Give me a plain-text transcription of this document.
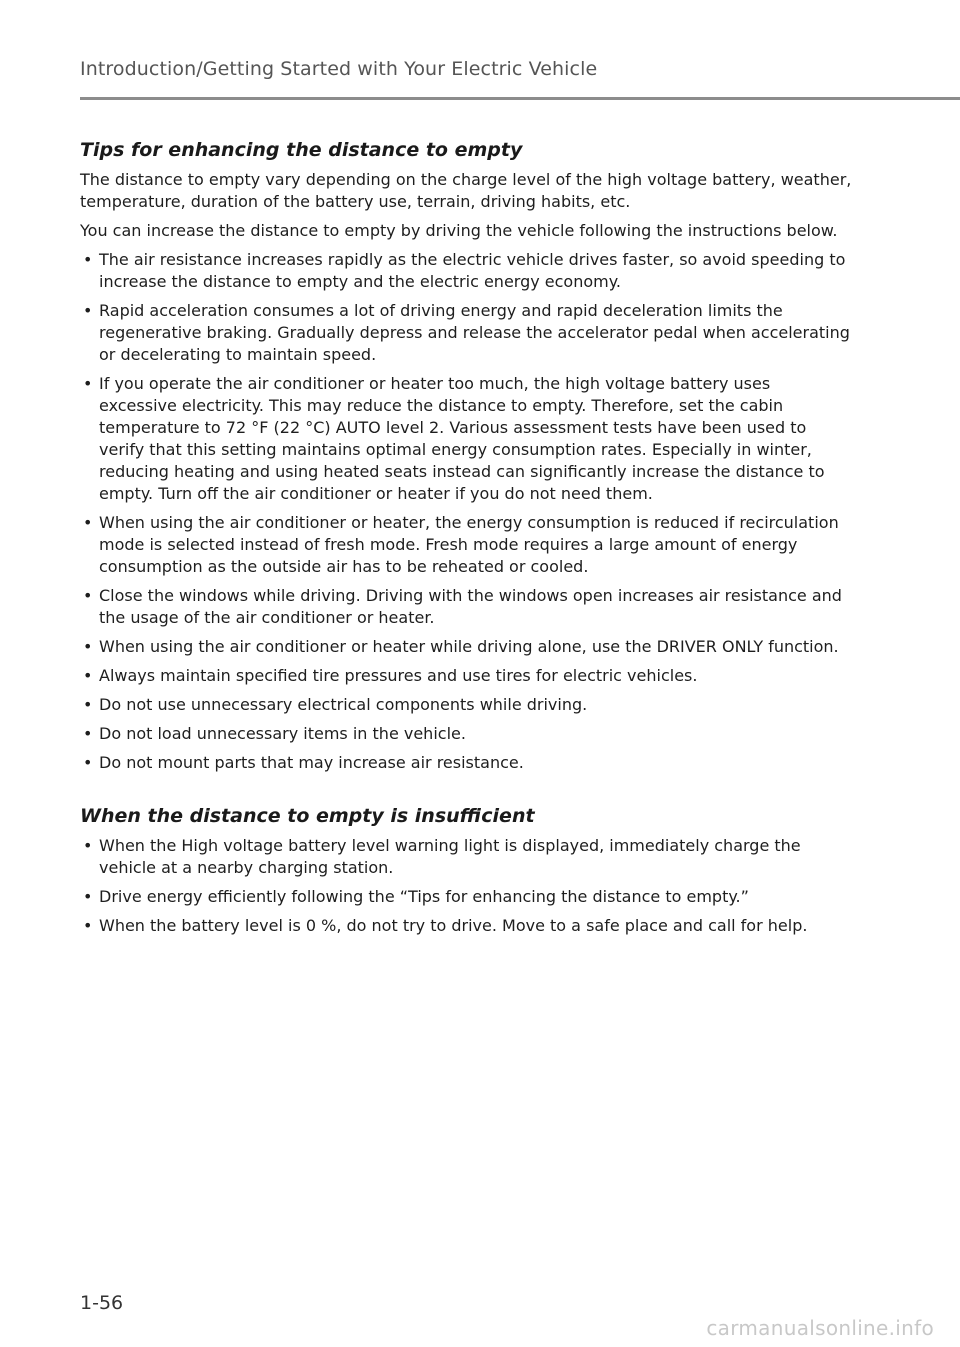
Introduction/Getting Started with Your Electric Vehicle
Tips for enhancing the distance to empty

The distance to empty vary depending on the charge level of the high voltage battery, weather, temperature, duration of the battery use, terrain, driving habits, etc.

You can increase the distance to empty by driving the vehicle following the instructions below.

• The air resistance increases rapidly as the electric vehicle drives faster, so avoid speeding to increase the distance to empty and the electric energy economy.
• Rapid acceleration consumes a lot of driving energy and rapid deceleration limits the regenerative braking. Gradually depress and release the accelerator pedal when accelerating or decelerating to maintain speed.
• If you operate the air conditioner or heater too much, the high voltage battery uses excessive electricity. This may reduce the distance to empty. Therefore, set the cabin temperature to 72 °F (22 °C) AUTO level 2. Various assessment tests have been used to verify that this setting maintains optimal energy consumption rates. Especially in winter, reducing heating and using heated seats instead can significantly increase the distance to empty. Turn off the air conditioner or heater if you do not need them.
• When using the air conditioner or heater, the energy consumption is reduced if recirculation mode is selected instead of fresh mode. Fresh mode requires a large amount of energy consumption as the outside air has to be reheated or cooled.
• Close the windows while driving. Driving with the windows open increases air resistance and the usage of the air conditioner or heater.
• When using the air conditioner or heater while driving alone, use the DRIVER ONLY function.
• Always maintain specified tire pressures and use tires for electric vehicles.
• Do not use unnecessary electrical components while driving.
• Do not load unnecessary items in the vehicle.
• Do not mount parts that may increase air resistance.
When the distance to empty is insufficient
• When the High voltage battery level warning light is displayed, immediately charge the vehicle at a nearby charging station.
• Drive energy efficiently following the “Tips for enhancing the distance to empty.”
• When the battery level is 0 %, do not try to drive. Move to a safe place and call for help.
1-56
carmanualsonline.info
